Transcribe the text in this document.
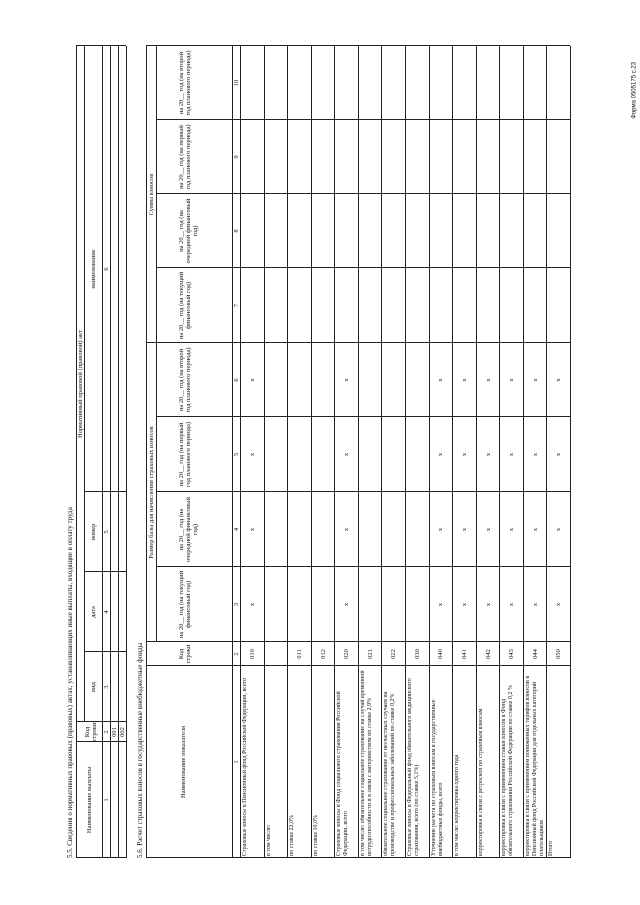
Форма 0505175 с.23
5.5. Сведения о нормативных правовых (правовых) актах, устанавливающих иные выплаты, входящие в оплату труда Наименование выплаты
Код строки
Нормативный правовой (правовой) акт
вид
дата
номер
наименование
1
2
3
4
5
6
001 002 5.6. Расчет страховых взносов в государственные внебюджетные фонды	Наименование показателя
Код строки
Размер базы для начисления страховых взносов
Сумма взносов
на 20__ год (на текущий финансовый год)
на 20__ год (на очередной финансовый год)
на 20__ год (на первый год планового периода)
на 20__ год (на второй год планового периода)
на 20__ год (на текущий финансовый год)
на 20__ год (на очередной финансовый год)
на 20__ год (на первый год планового периода)
на 20__ год (на второй год планового периода)
1
2
3
4
5
6
7
8
9
10
Страховые взносы в Пенсионный фонд Российской Федерации, всего
010
x
x
x
x
в том числе:	по ставке 22,0%
011
по ставке 10,0%
012
Страховые взносы в Фонд социального страхования Российской Федерации, всего
020
x
x
x
x
в том числе: обязательное социальное страхование на случай временной нетрудоспособности и в связи с материнством по ставке 2,9%
021
обязательное социальное страхование от несчастных случаев на производстве и профессиональных заболеваний по ставке 0,2%
022
Страховые взносы в Федеральный фонд обязательного медицинского страхования, всего (по ставке 5,1%)
030
Уточнение расчета по страховым взносам в государственные внебюджетные фонды, всего
040
x
x
x
x
в том числе: корректировка одного года
041
x
x
x
x
корректировка в связи с ретроскоп по страховым взносам
042
x
x
x
x
корректировка в связи с применением ставки взносов в Фонд обязательного страхования Российской Федерации по ставке 0,2 %
043
x
x
x
x
корректировка в связи с применением пониженных тарифов взносов в Пенсионный фонд Российской Федерации для отдельных категорий плательщиков
044
x
x
x
x
Итого
050
x
x
x
x
